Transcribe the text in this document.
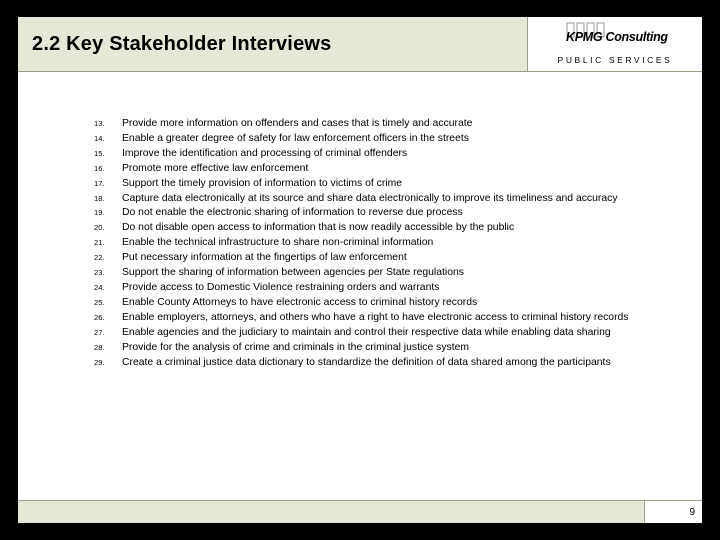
2.2 Key Stakeholder Interviews	KPMG Consulting
PUBLIC SERVICES
13.	Provide more information on offenders and cases that is timely and accurate
14.	Enable a greater degree of safety for law enforcement officers in the streets
15.	Improve the identification and processing of criminal offenders
16.	Promote more effective law enforcement
17.	Support the timely provision of information to victims of crime
18.	Capture data electronically at its source and share data electronically to improve its timeliness and accuracy
19.	Do not enable the electronic sharing of information to reverse due process
20.	Do not disable open access to information that is now readily accessible by the public
21.	Enable the technical infrastructure to share non-criminal information
22.	Put necessary information at the fingertips of law enforcement
23.	Support the sharing of information between agencies per State regulations
24.	Provide access to Domestic Violence restraining orders and warrants
25.	Enable County Attorneys to have electronic access to criminal history records
26.	Enable employers, attorneys, and others who have a right to have electronic access to criminal history records
27.	Enable agencies and the judiciary to maintain and control their respective data while enabling data sharing
28.	Provide for the analysis of crime and criminals in the criminal justice system
29.	Create a criminal justice data dictionary to standardize the definition of data shared among the participants
9
